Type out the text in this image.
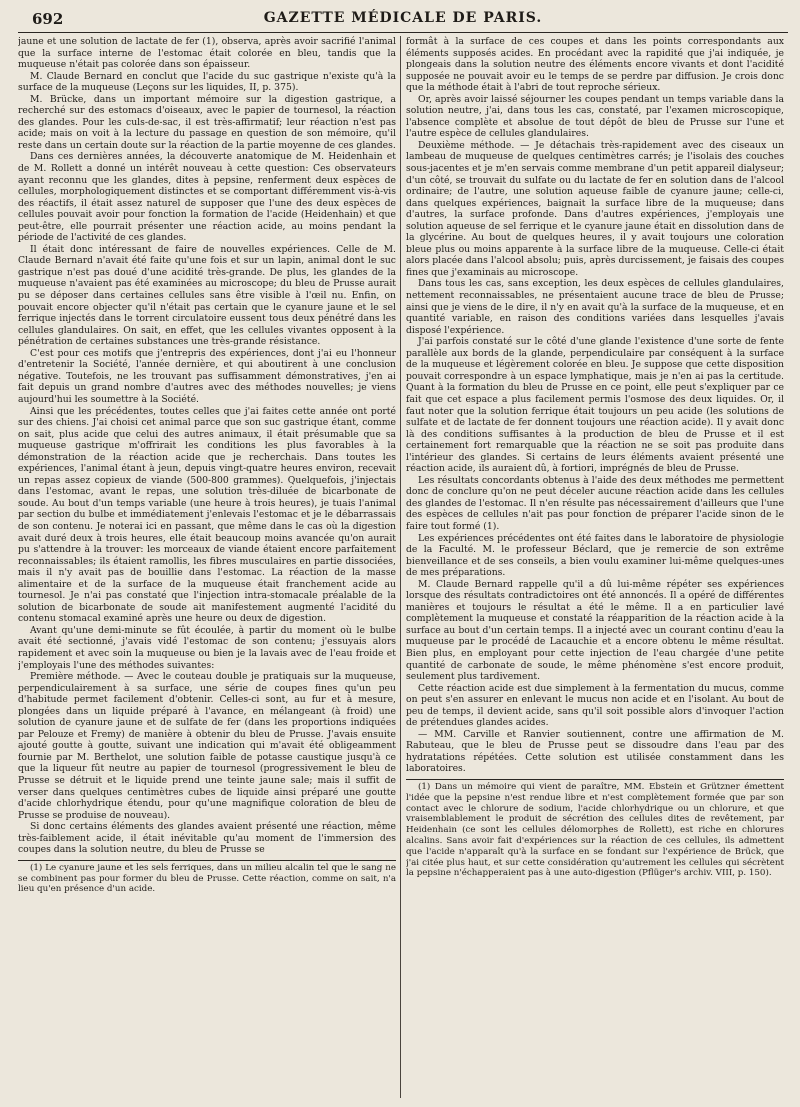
692	GAZETTE MÉDICALE DE PARIS.

jaune et une solution de lactate de fer (1), observa, après avoir sacrifié l'animal que la surface interne de l'estomac était colorée en bleu, tandis que la muqueuse n'était pas colorée dans son épaisseur.

M. Claude Bernard en conclut que l'acide du suc gastrique n'existe qu'à la surface de la muqueuse (Leçons sur les liquides, II, p. 375).

M. Brücke, dans un important mémoire sur la digestion gastrique, a recherché sur des estomacs d'oiseaux, avec le papier de tournesol, la réaction des glandes. Pour les culs-de-sac, il est très-affirmatif; leur réaction n'est pas acide; mais on voit à la lecture du passage en question de son mémoire, qu'il reste dans un certain doute sur la réaction de la partie moyenne de ces glandes.

Dans ces dernières années, la découverte anatomique de M. Heidenhain et de M. Rollett a donné un intérêt nouveau à cette question: Ces observateurs ayant reconnu que les glandes, dites à pepsine, renferment deux espèces de cellules, morphologiquement distinctes et se comportant différemment vis-à-vis des réactifs, il était assez naturel de supposer que l'une des deux espèces de cellules pouvait avoir pour fonction la formation de l'acide (Heidenhain) et que peut-être, elle pourrait présenter une réaction acide, au moins pendant la période de l'activité de ces glandes.

Il était donc intéressant de faire de nouvelles expériences. Celle de M. Claude Bernard n'avait été faite qu'une fois et sur un lapin, animal dont le suc gastrique n'est pas doué d'une acidité très-grande. De plus, les glandes de la muqueuse n'avaient pas été examinées au microscope; du bleu de Prusse aurait pu se déposer dans certaines cellules sans être visible à l'œil nu. Enfin, on pouvait encore objecter qu'il n'était pas certain que le cyanure jaune et le sel ferrique injectés dans le torrent circulatoire eussent tous deux pénétré dans les cellules glandulaires. On sait, en effet, que les cellules vivantes opposent à la pénétration de certaines substances une très-grande résistance.

C'est pour ces motifs que j'entrepris des expériences, dont j'ai eu l'honneur d'entretenir la Société, l'année dernière, et qui aboutirent à une conclusion négative. Toutefois, ne les trouvant pas suffisamment démonstratives, j'en ai fait depuis un grand nombre d'autres avec des méthodes nouvelles; je viens aujourd'hui les soumettre à la Société.

Ainsi que les précédentes, toutes celles que j'ai faites cette année ont porté sur des chiens. J'ai choisi cet animal parce que son suc gastrique étant, comme on sait, plus acide que celui des autres animaux, il était présumable que sa muqueuse gastrique m'offrirait les conditions les plus favorables à la démonstration de la réaction acide que je recherchais. Dans toutes les expériences, l'animal étant à jeun, depuis vingt-quatre heures environ, recevait un repas assez copieux de viande (500-800 grammes). Quelquefois, j'injectais dans l'estomac, avant le repas, une solution très-diluée de bicarbonate de soude. Au bout d'un temps variable (une heure à trois heures), je tuais l'animal par section du bulbe et immédiatement j'enlevais l'estomac et je le débarrassais de son contenu. Je noterai ici en passant, que même dans le cas où la digestion avait duré deux à trois heures, elle était beaucoup moins avancée qu'on aurait pu s'attendre à la trouver: les morceaux de viande étaient encore parfaitement reconnaissables; ils étaient ramollis, les fibres musculaires en partie dissociées, mais il n'y avait pas de bouillie dans l'estomac. La réaction de la masse alimentaire et de la surface de la muqueuse était franchement acide au tournesol. Je n'ai pas constaté que l'injection intra-stomacale préalable de la solution de bicarbonate de soude ait manifestement augmenté l'acidité du contenu stomacal examiné après une heure ou deux de digestion.

Avant qu'une demi-minute se fût écoulée, à partir du moment où le bulbe avait été sectionné, j'avais vidé l'estomac de son contenu; j'essuyais alors rapidement et avec soin la muqueuse ou bien je la lavais avec de l'eau froide et j'employais l'une des méthodes suivantes:

Première méthode. — Avec le couteau double je pratiquais sur la muqueuse, perpendiculairement à sa surface, une série de coupes fines qu'un peu d'habitude permet facilement d'obtenir. Celles-ci sont, au fur et à mesure, plongées dans un liquide préparé à l'avance, en mélangeant (à froid) une solution de cyanure jaune et de sulfate de fer (dans les proportions indiquées par Pelouze et Fremy) de manière à obtenir du bleu de Prusse. J'avais ensuite ajouté goutte à goutte, suivant une indication qui m'avait été obligeamment fournie par M. Berthelot, une solution faible de potasse caustique jusqu'à ce que la liqueur fût neutre au papier de tournesol (progressivement le bleu de Prusse se détruit et le liquide prend une teinte jaune sale; mais il suffit de verser dans quelques centimètres cubes de liquide ainsi préparé une goutte d'acide chlorhydrique étendu, pour qu'une magnifique coloration de bleu de Prusse se produise de nouveau).

Si donc certains éléments des glandes avaient présenté une réaction, même très-faiblement acide, il était inévitable qu'au moment de l'immersion des coupes dans la solution neutre, du bleu de Prusse se

(1) Le cyanure jaune et les sels ferriques, dans un milieu alcalin tel que le sang ne se combinent pas pour former du bleu de Prusse. Cette réaction, comme on sait, n'a lieu qu'en présence d'un acide.

formât à la surface de ces coupes et dans les points correspondants aux éléments supposés acides. En procédant avec la rapidité que j'ai indiquée, je plongeais dans la solution neutre des éléments encore vivants et dont l'acidité supposée ne pouvait avoir eu le temps de se perdre par diffusion. Je crois donc que la méthode était à l'abri de tout reproche sérieux.

Or, après avoir laissé séjourner les coupes pendant un temps variable dans la solution neutre, j'ai, dans tous les cas, constaté, par l'examen microscopique, l'absence complète et absolue de tout dépôt de bleu de Prusse sur l'une et l'autre espèce de cellules glandulaires.

Deuxième méthode. — Je détachais très-rapidement avec des ciseaux un lambeau de muqueuse de quelques centimètres carrés; je l'isolais des couches sous-jacentes et je m'en servais comme membrane d'un petit appareil dialyseur; d'un côté, se trouvait du sulfate ou du lactate de fer en solution dans de l'alcool ordinaire; de l'autre, une solution aqueuse faible de cyanure jaune; celle-ci, dans quelques expériences, baignait la surface libre de la muqueuse; dans d'autres, la surface profonde. Dans d'autres expériences, j'employais une solution aqueuse de sel ferrique et le cyanure jaune était en dissolution dans de la glycérine. Au bout de quelques heures, il y avait toujours une coloration bleue plus ou moins apparente à la surface libre de la muqueuse. Celle-ci était alors placée dans l'alcool absolu; puis, après durcissement, je faisais des coupes fines que j'examinais au microscope.

Dans tous les cas, sans exception, les deux espèces de cellules glandulaires, nettement reconnaissables, ne présentaient aucune trace de bleu de Prusse; ainsi que je viens de le dire, il n'y en avait qu'à la surface de la muqueuse, et en quantité variable, en raison des conditions variées dans lesquelles j'avais disposé l'expérience.

J'ai parfois constaté sur le côté d'une glande l'existence d'une sorte de fente parallèle aux bords de la glande, perpendiculaire par conséquent à la surface de la muqueuse et légèrement colorée en bleu. Je suppose que cette disposition pouvait correspondre à un espace lymphatique, mais je n'en ai pas la certitude. Quant à la formation du bleu de Prusse en ce point, elle peut s'expliquer par ce fait que cet espace a plus facilement permis l'osmose des deux liquides. Or, il faut noter que la solution ferrique était toujours un peu acide (les solutions de sulfate et de lactate de fer donnent toujours une réaction acide). Il y avait donc là des conditions suffisantes à la production de bleu de Prusse et il est certainement fort remarquable que la réaction ne se soit pas produite dans l'intérieur des glandes. Si certains de leurs éléments avaient présenté une réaction acide, ils auraient dû, à fortiori, imprégnés de bleu de Prusse.

Les résultats concordants obtenus à l'aide des deux méthodes me permettent donc de conclure qu'on ne peut déceler aucune réaction acide dans les cellules des glandes de l'estomac. Il n'en résulte pas nécessairement d'ailleurs que l'une des espèces de cellules n'ait pas pour fonction de préparer l'acide sinon de le faire tout formé (1).

Les expériences précédentes ont été faites dans le laboratoire de physiologie de la Faculté. M. le professeur Béclard, que je remercie de son extrême bienveillance et de ses conseils, a bien voulu examiner lui-même quelques-unes de mes préparations.

M. Claude Bernard rappelle qu'il a dû lui-même répéter ses expériences lorsque des résultats contradictoires ont été annoncés. Il a opéré de différentes manières et toujours le résultat a été le même. Il a en particulier lavé complètement la muqueuse et constaté la réapparition de la réaction acide à la surface au bout d'un certain temps. Il a injecté avec un courant continu d'eau la muqueuse par le procédé de Lacauchie et a encore obtenu le même résultat. Bien plus, en employant pour cette injection de l'eau chargée d'une petite quantité de carbonate de soude, le même phénomène s'est encore produit, seulement plus tardivement.

Cette réaction acide est due simplement à la fermentation du mucus, comme on peut s'en assurer en enlevant le mucus non acide et en l'isolant. Au bout de peu de temps, il devient acide, sans qu'il soit possible alors d'invoquer l'action de prétendues glandes acides.

— MM. Carville et Ranvier soutiennent, contre une affirmation de M. Rabuteau, que le bleu de Prusse peut se dissoudre dans l'eau par des hydratations répétées. Cette solution est utilisée constamment dans les laboratoires.

(1) Dans un mémoire qui vient de paraître, MM. Ebstein et Grützner émettent l'idée que la pepsine n'est rendue libre et n'est complètement formée que par son contact avec le chlorure de sodium, l'acide chlorhydrique ou un chlorure, et que vraisemblablement le produit de sécrétion des cellules dites de revêtement, par Heidenhain (ce sont les cellules délomorphes de Rollett), est riche en chlorures alcalins. Sans avoir fait d'expériences sur la réaction de ces cellules, ils admettent que l'acide n'apparaît qu'à la surface en se fondant sur l'expérience de Brück, que j'ai citée plus haut, et sur cette considération qu'autrement les cellules qui sécrètent la pepsine n'échapperaient pas à une auto-digestion (Pflüger's archiv. VIII, p. 150).
